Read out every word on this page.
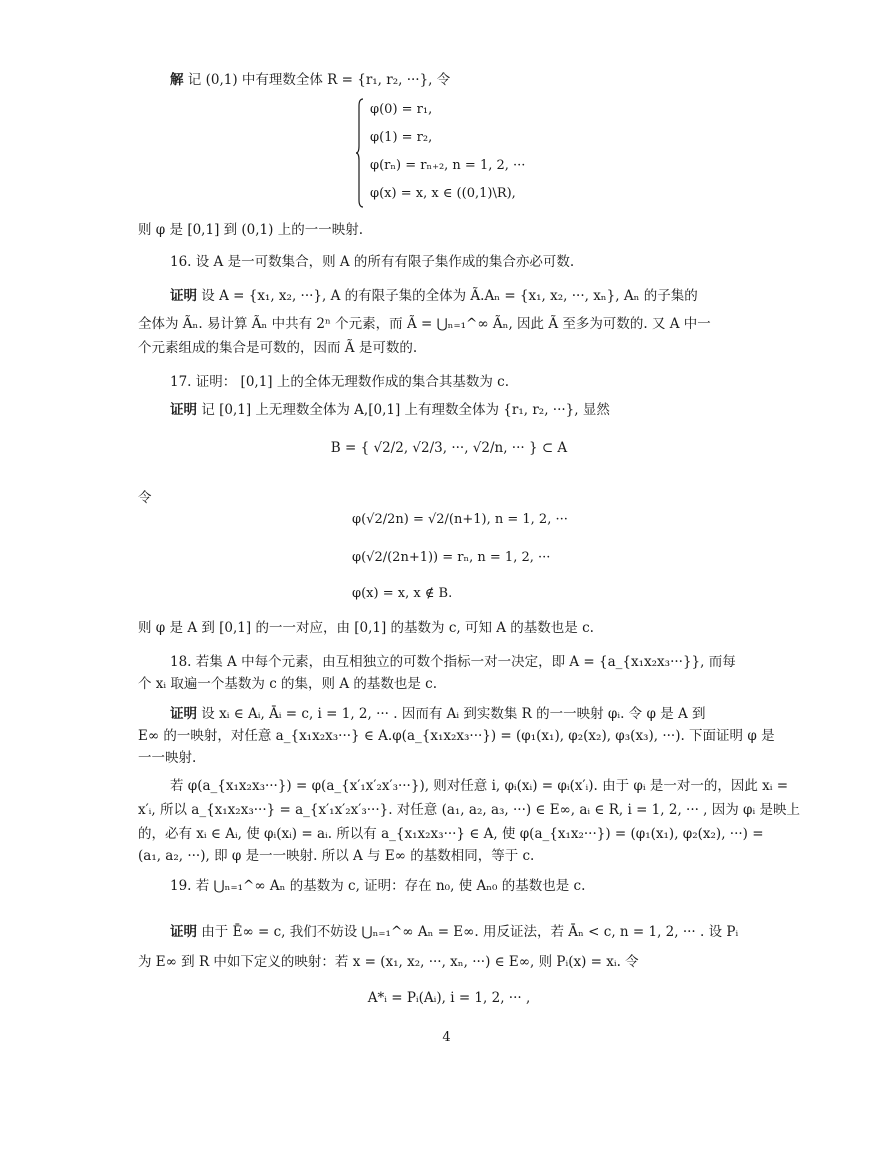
解 记 (0,1) 中有理数全体 R = {r₁, r₂, ···}, 令
φ(0) = r₁,
φ(1) = r₂,
φ(rₙ) = rₙ₊₂, n = 1, 2, ···
φ(x) = x, x ∈ ((0,1)\R),
则 φ 是 [0,1] 到 (0,1) 上的一一映射.
16. 设 A 是一可数集合，则 A 的所有有限子集作成的集合亦必可数.
证明 设 A = {x₁, x₂, ···}, A 的有限子集的全体为 Ã.Aₙ = {x₁, x₂, ···, xₙ}, Aₙ 的子集的
全体为 Ãₙ. 易计算 Ãₙ 中共有 2ⁿ 个元素，而 Ã = ⋃ₙ₌₁^∞ Ãₙ, 因此 Ã 至多为可数的. 又 A 中一
个元素组成的集合是可数的，因而 Ã 是可数的.
17. 证明： [0,1] 上的全体无理数作成的集合其基数为 c.
证明 记 [0,1] 上无理数全体为 A,[0,1] 上有理数全体为 {r₁, r₂, ···}, 显然
B = { √2/2, √2/3, ···, √2/n, ··· } ⊂ A
令
φ(√2/2n) = √2/(n+1), n = 1, 2, ···
φ(√2/(2n+1)) = rₙ, n = 1, 2, ···
φ(x) = x, x ∉ B.
则 φ 是 A 到 [0,1] 的一一对应，由 [0,1] 的基数为 c, 可知 A 的基数也是 c.
18. 若集 A 中每个元素，由互相独立的可数个指标一对一决定，即 A = {a_{x₁x₂x₃···}}, 而每
个 xᵢ 取遍一个基数为 c 的集，则 A 的基数也是 c.
证明 设 xᵢ ∈ Aᵢ, Āᵢ = c, i = 1, 2, ··· . 因而有 Aᵢ 到实数集 R 的一一映射 φᵢ. 令 φ 是 A 到
E∞ 的一映射，对任意 a_{x₁x₂x₃···} ∈ A.φ(a_{x₁x₂x₃···}) = (φ₁(x₁), φ₂(x₂), φ₃(x₃), ···). 下面证明 φ 是
一一映射.
若 φ(a_{x₁x₂x₃···}) = φ(a_{x′₁x′₂x′₃···}), 则对任意 i, φᵢ(xᵢ) = φᵢ(x′ᵢ). 由于 φᵢ 是一对一的，因此 xᵢ =
x′ᵢ, 所以 a_{x₁x₂x₃···} = a_{x′₁x′₂x′₃···}. 对任意 (a₁, a₂, a₃, ···) ∈ E∞, aᵢ ∈ R, i = 1, 2, ··· , 因为 φᵢ 是映上
的，必有 xᵢ ∈ Aᵢ, 使 φᵢ(xᵢ) = aᵢ. 所以有 a_{x₁x₂x₃···} ∈ A, 使 φ(a_{x₁x₂···}) = (φ₁(x₁), φ₂(x₂), ···) =
(a₁, a₂, ···), 即 φ 是一一映射. 所以 A 与 E∞ 的基数相同，等于 c.
19. 若 ⋃ₙ₌₁^∞ Aₙ 的基数为 c, 证明：存在 n₀, 使 Aₙ₀ 的基数也是 c.
证明 由于 Ē∞ = c, 我们不妨设 ⋃ₙ₌₁^∞ Aₙ = E∞. 用反证法，若 Āₙ < c, n = 1, 2, ··· . 设 Pᵢ
为 E∞ 到 R 中如下定义的映射：若 x = (x₁, x₂, ···, xₙ, ···) ∈ E∞, 则 Pᵢ(x) = xᵢ. 令
A*ᵢ = Pᵢ(Aᵢ), i = 1, 2, ··· ,
4
